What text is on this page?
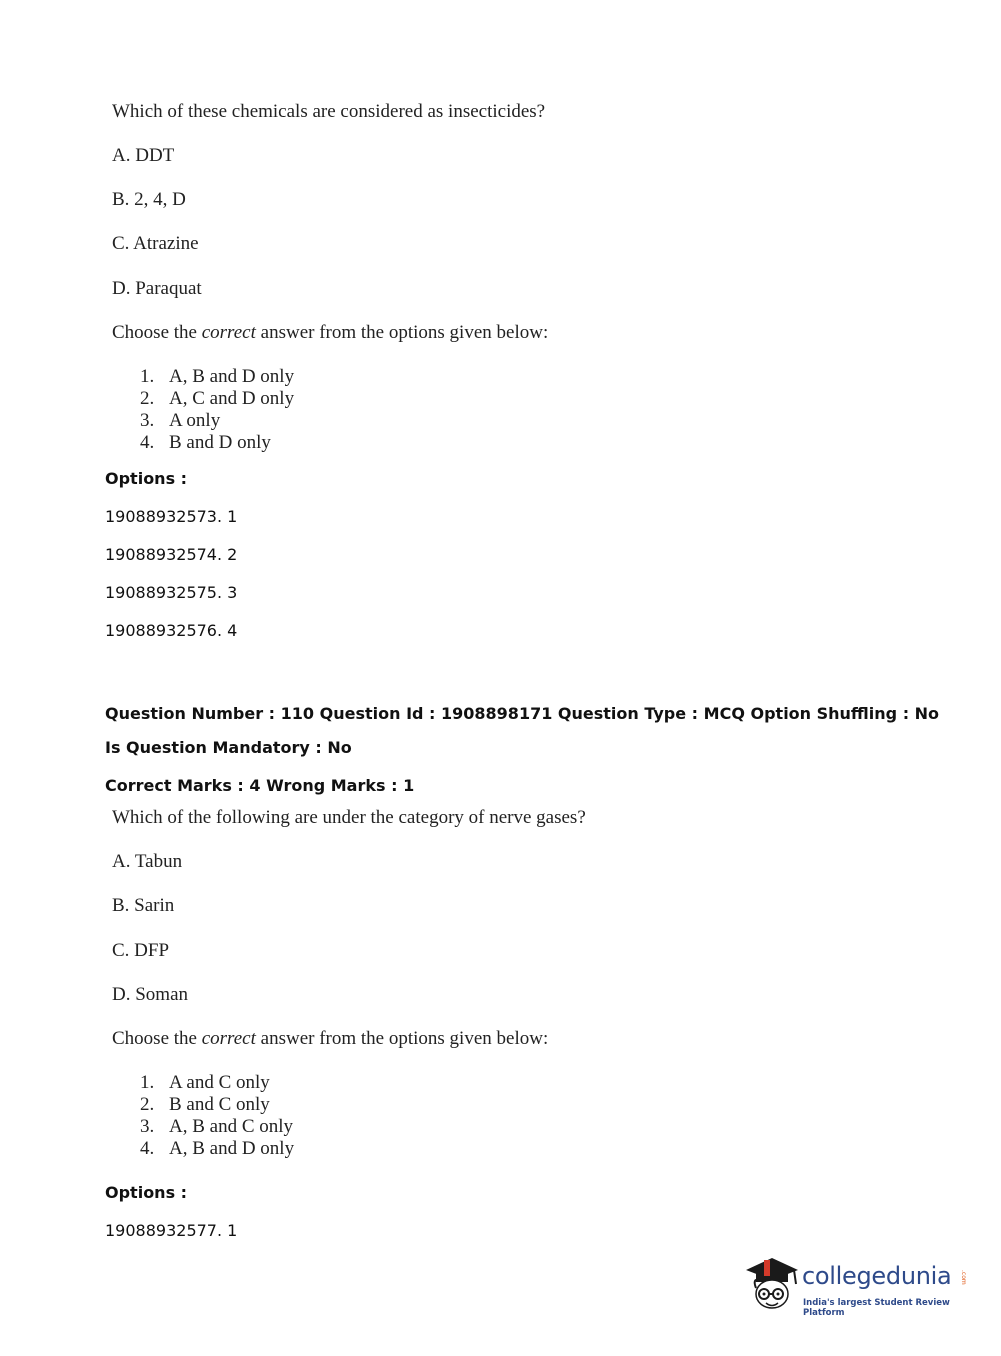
Which of these chemicals are considered as insecticides?
A. DDT
B. 2, 4, D
C. Atrazine
D. Paraquat
Choose the correct answer from the options given below:
1. A, B and D only
2. A, C and D only
3. A only
4. B and D only
Options :
19088932573. 1
19088932574. 2
19088932575. 3
19088932576. 4
Question Number : 110 Question Id : 1908898171 Question Type : MCQ Option Shuffling : No
Is Question Mandatory : No
Correct Marks : 4 Wrong Marks : 1
Which of the following are under the category of nerve gases?
A. Tabun
B. Sarin
C. DFP
D. Soman
Choose the correct answer from the options given below:
1. A and C only
2. B and C only
3. A, B and C only
4. A, B and D only
Options :
19088932577. 1
collegedunia .com
India's largest Student Review Platform
